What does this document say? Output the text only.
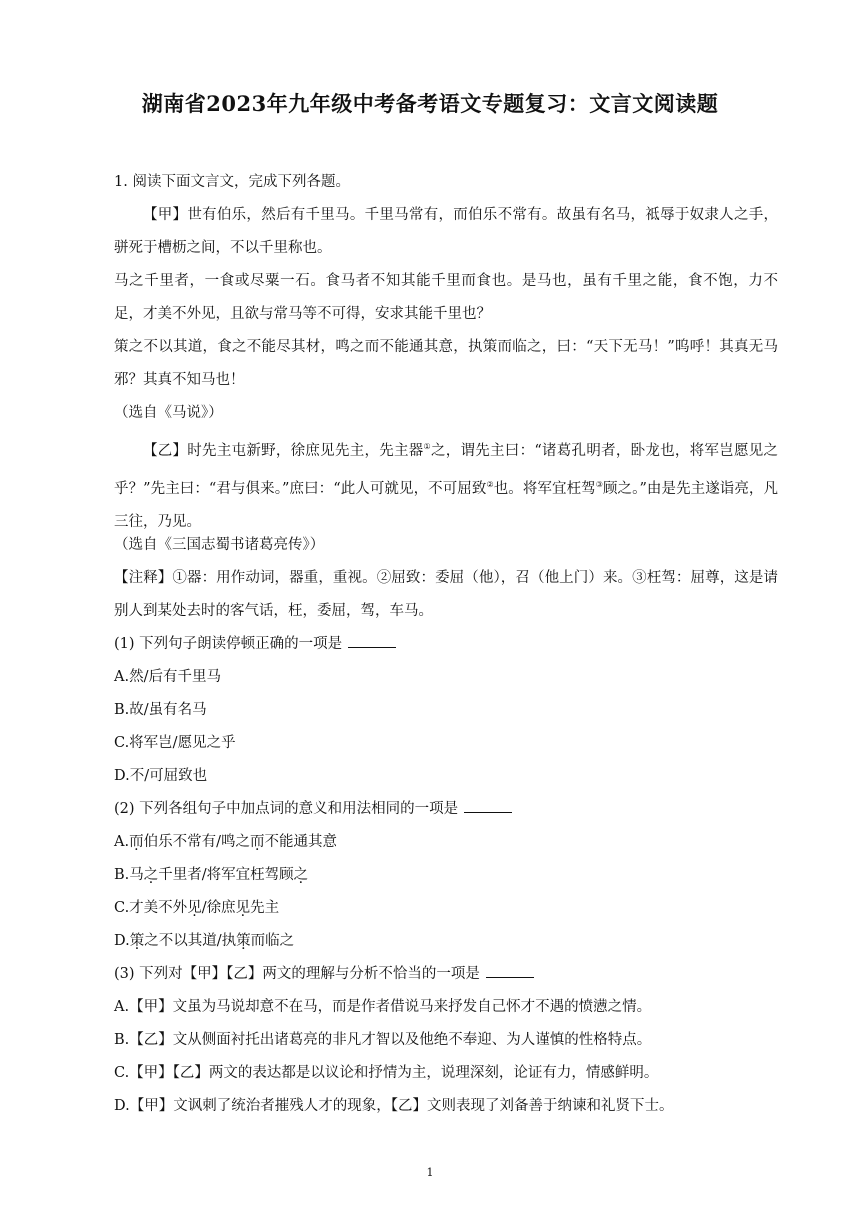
湖南省2023年九年级中考备考语文专题复习：文言文阅读题
1. 阅读下面文言文，完成下列各题。
【甲】世有伯乐，然后有千里马。千里马常有，而伯乐不常有。故虽有名马，祗辱于奴隶人之手，骈死于槽枥之间，不以千里称也。
马之千里者，一食或尽粟一石。食马者不知其能千里而食也。是马也，虽有千里之能，食不饱，力不足，才美不外见，且欲与常马等不可得，安求其能千里也？
策之不以其道，食之不能尽其材，鸣之而不能通其意，执策而临之，曰：“天下无马！”呜呼！其真无马邪？其真不知马也！
（选自《马说》）
【乙】时先主屯新野，徐庶见先主，先主器①之，谓先主曰：“诸葛孔明者，卧龙也，将军岂愿见之乎？”先主曰：“君与俱来。”庶曰：“此人可就见，不可屈致②也。将军宜枉驾③顾之。”由是先主遂诣亮，凡三往，乃见。
（选自《三国志蜀书诸葛亮传》）
【注释】①器：用作动词，器重，重视。②屈致：委屈（他），召（他上门）来。③枉驾：屈尊，这是请别人到某处去时的客气话，枉，委屈，驾，车马。
(1) 下列句子朗读停顿正确的一项是
A.然/后有千里马
B.故/虽有名马
C.将军岂/愿见之乎
D.不/可屈致也
(2) 下列各组句子中加点词的意义和用法相同的一项是
A.而伯乐不常有/鸣之而不能通其意
B.马之千里者/将军宜枉驾顾之
C.才美不外见/徐庶见先主
D.策之不以其道/执策而临之
(3) 下列对【甲】【乙】两文的理解与分析不恰当的一项是
A.【甲】文虽为马说却意不在马，而是作者借说马来抒发自己怀才不遇的愤懑之情。
B.【乙】文从侧面衬托出诸葛亮的非凡才智以及他绝不奉迎、为人谨慎的性格特点。
C.【甲】【乙】两文的表达都是以议论和抒情为主，说理深刻，论证有力，情感鲜明。
D.【甲】文讽刺了统治者摧残人才的现象，【乙】文则表现了刘备善于纳谏和礼贤下士。
1
